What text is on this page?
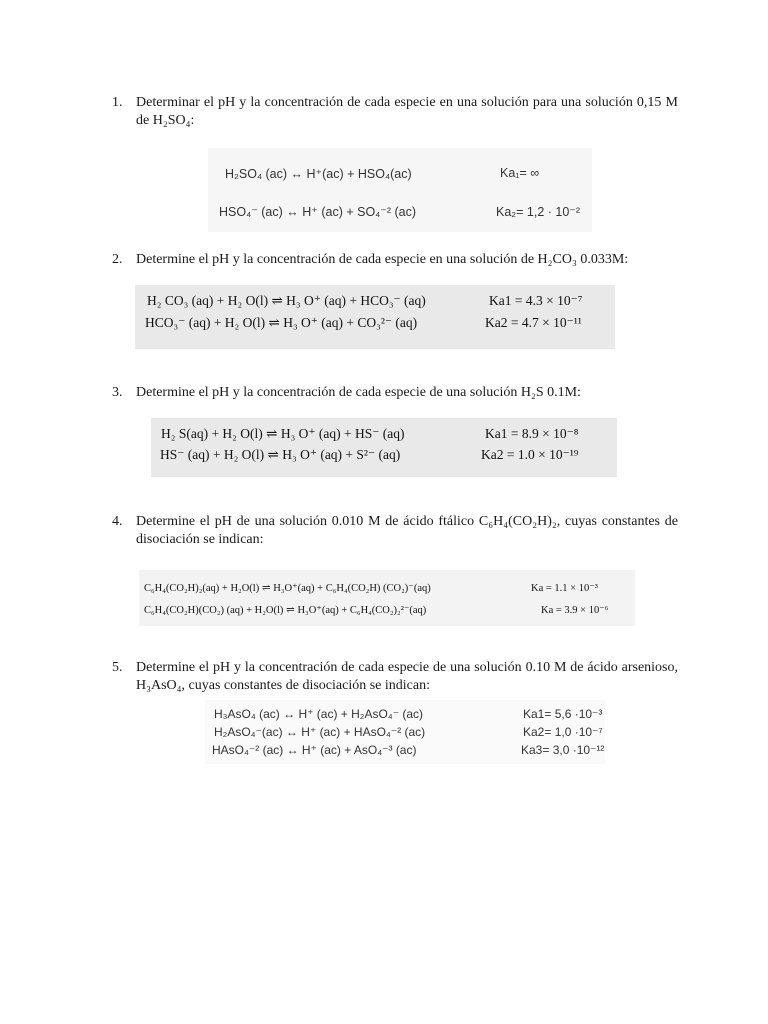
1. Determinar el pH y la concentración de cada especie en una solución para una solución 0,15 M de H₂SO₄:
H₂SO₄ (ac) ↔ H⁺(ac) + HSO₄(ac)	Ka₁= ∞
HSO₄⁻ (ac) ↔ H⁺ (ac) + SO₄⁻² (ac)	Ka₂= 1,2 · 10⁻²
2. Determine el pH y la concentración de cada especie en una solución de H₂CO₃ 0.033M:
H₂ CO₃ (aq) + H₂ O(l) ⇌ H₃ O⁺ (aq) + HCO₃⁻ (aq)	Ka1 = 4.3 × 10⁻⁷
HCO₃⁻ (aq) + H₂ O(l) ⇌ H₃ O⁺ (aq) + CO₃²⁻ (aq)	Ka2 = 4.7 × 10⁻¹¹
3. Determine el pH y la concentración de cada especie de una solución H₂S 0.1M:
H₂ S(aq) + H₂ O(l) ⇌ H₃ O⁺ (aq) + HS⁻ (aq)	Ka1 = 8.9 × 10⁻⁸
HS⁻ (aq) + H₂ O(l) ⇌ H₃ O⁺ (aq) + S²⁻ (aq)	Ka2 = 1.0 × 10⁻¹⁹
4. Determine el pH de una solución 0.010 M de ácido ftálico C₆H₄(CO₂H)₂, cuyas constantes de disociación se indican:
C₆H₄(CO₂H)₂(aq) + H₂O(l) ⇌ H₃O⁺(aq) + C₆H₄(CO₂H) (CO₂)⁻(aq)	Ka = 1.1 × 10⁻³
C₆H₄(CO₂H)(CO₂) (aq) + H₂O(l) ⇌ H₃O⁺(aq) + C₆H₄(CO₂)₂²⁻(aq)	Ka = 3.9 × 10⁻⁶
5. Determine el pH y la concentración de cada especie de una solución 0.10 M de ácido arsenioso, H₃AsO₄, cuyas constantes de disociación se indican:
H₃AsO₄ (ac) ↔ H⁺ (ac) + H₂AsO₄⁻ (ac)	Ka1= 5,6 ·10⁻³
H₂AsO₄⁻(ac) ↔ H⁺ (ac) + HAsO₄⁻² (ac)	Ka2= 1,0 ·10⁻⁷
HAsO₄⁻² (ac) ↔ H⁺ (ac) + AsO₄⁻³ (ac)	Ka3= 3,0 ·10⁻¹²
